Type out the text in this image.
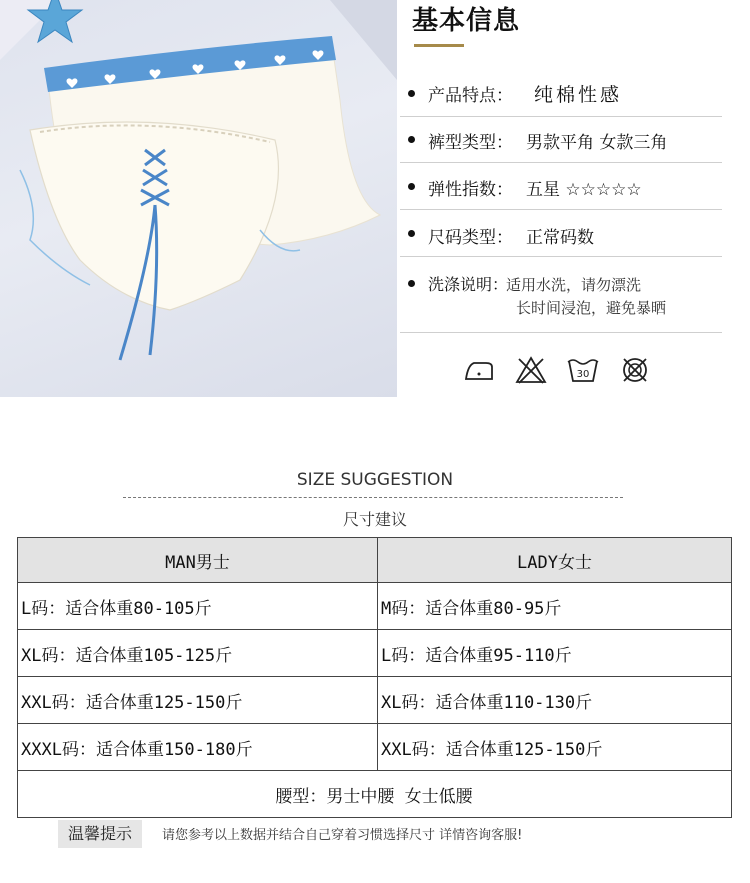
基本信息
产品特点： 纯棉性感
裤型类型： 男款平角 女款三角
弹性指数： 五星 ☆☆☆☆☆
尺码类型： 正常码数
洗涤说明：
适用水洗，请勿漂洗
长时间浸泡，避免暴晒
30
SIZE SUGGESTION
尺寸建议
MAN男士	LADY女士
L码：适合体重80-105斤	M码：适合体重80-95斤
XL码：适合体重105-125斤	L码：适合体重95-110斤
XXL码：适合体重125-150斤	XL码：适合体重110-130斤
XXXL码：适合体重150-180斤	XXL码：适合体重125-150斤
腰型：男士中腰 女士低腰	
温馨提示	请您参考以上数据并结合自己穿着习惯选择尺寸 详情咨询客服!
